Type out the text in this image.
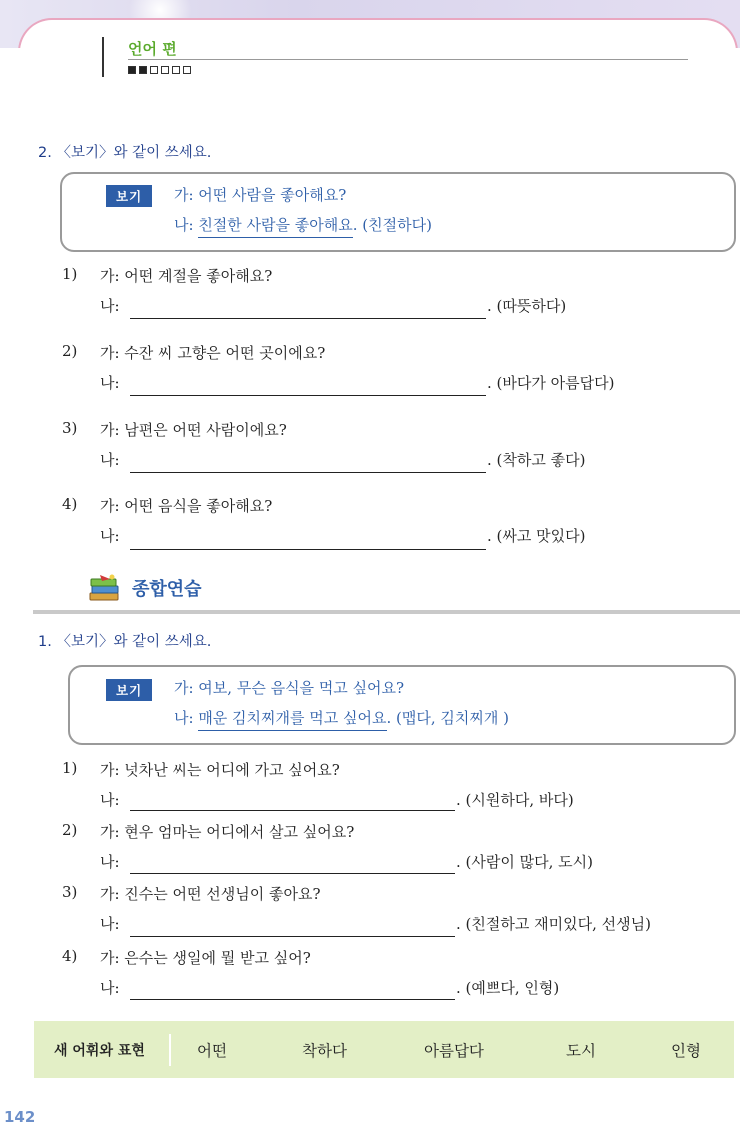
언어 편
2. 〈보기〉와 같이 쓰세요.
보기	가: 어떤 사람을 좋아해요?
나: 친절한 사람을 좋아해요. (친절하다)
1) 가: 어떤 계절을 좋아해요?
나:	. (따뜻하다)
2) 가: 수잔 씨 고향은 어떤 곳이에요?
나:	. (바다가 아름답다)
3) 가: 남편은 어떤 사람이에요?
나:	. (착하고 좋다)
4) 가: 어떤 음식을 좋아해요?
나:	. (싸고 맛있다)
종합연습
1. 〈보기〉와 같이 쓰세요.
보기	가: 여보, 무슨 음식을 먹고 싶어요?
나: 매운 김치찌개를 먹고 싶어요. (맵다, 김치찌개 )
1) 가: 넛차난 씨는 어디에 가고 싶어요?
나:	. (시원하다, 바다)
2) 가: 현우 엄마는 어디에서 살고 싶어요?
나:	. (사람이 많다, 도시)
3) 가: 진수는 어떤 선생님이 좋아요?
나:	. (친절하고 재미있다, 선생님)
4) 가: 은수는 생일에 뭘 받고 싶어?
나:	. (예쁘다, 인형)
새 어휘와 표현	어떤	착하다	아름답다	도시	인형
142
